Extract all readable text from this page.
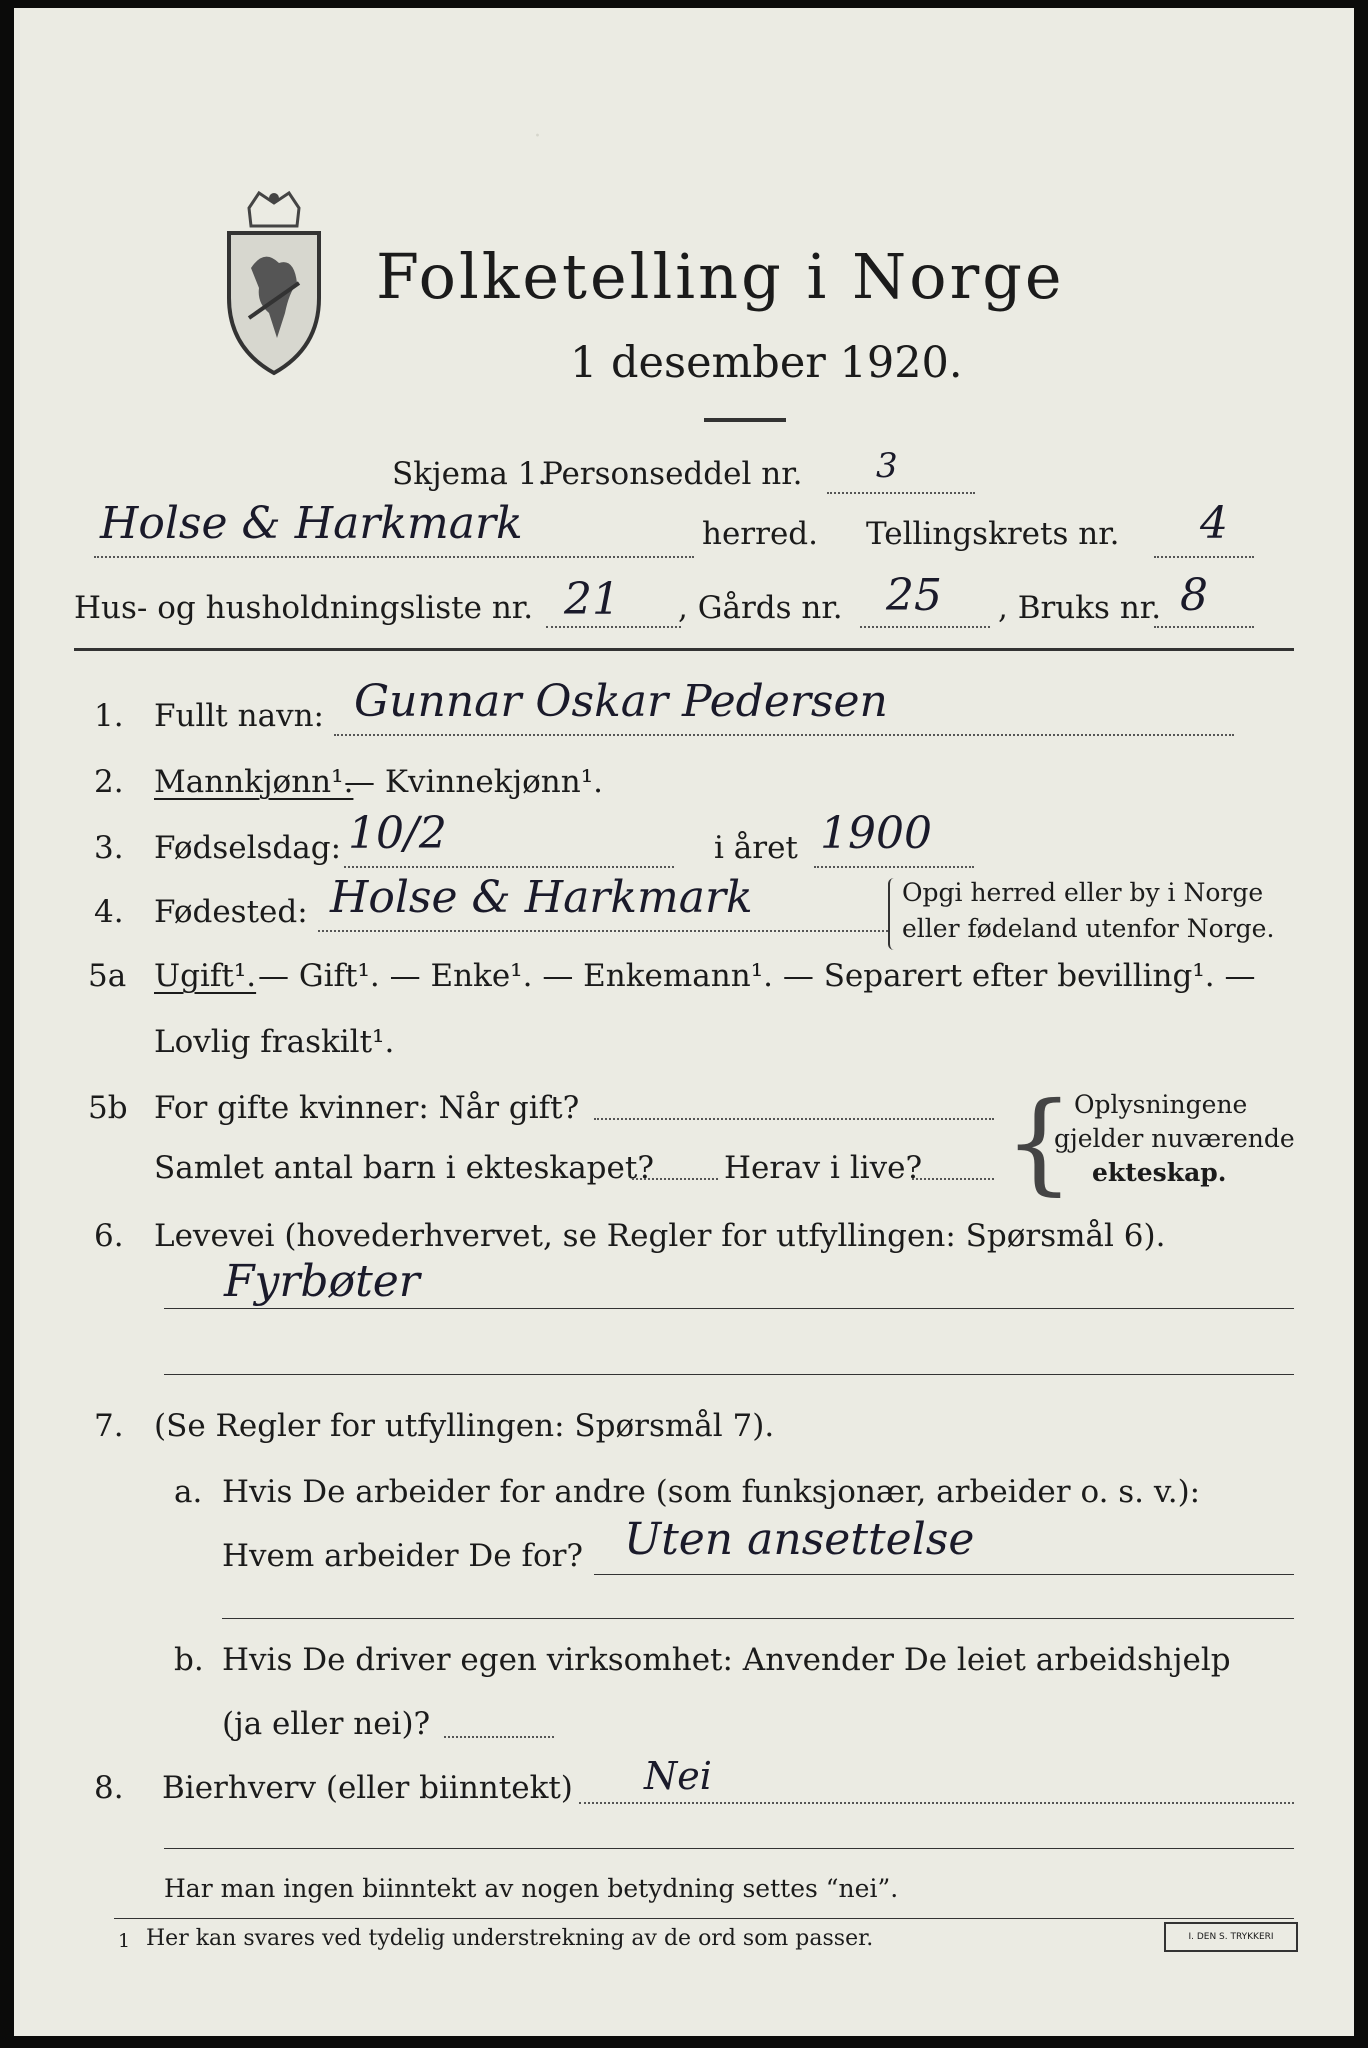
·
Folketelling i Norge
1 desember 1920.
Skjema 1.
Personseddel nr. 3
Holse & Harkmark	herred. Tellingskrets nr. 4
Hus- og husholdningsliste nr. 21 , Gårds nr. 25 , Bruks nr. 8
1. Fullt navn: Gunnar Oskar Pedersen
2. Mannkjønn¹.
— Kvinnekjønn¹.
3. Fødselsdag: 10/2	i året 1900
4. Fødested: Holse & Harkmark	Opgi herred eller by i Norge
eller fødeland utenfor Norge.
5a Ugift¹. — Gift¹. — Enke¹. — Enkemann¹. — Separert efter bevilling¹. —
Lovlig fraskilt¹.
5b For gifte kvinner: Når gift?
Samlet antal barn i ekteskapet? Herav i live? { Oplysningene
gjelder nuværende
ekteskap.
6. Levevei (hovederhvervet, se Regler for utfyllingen: Spørsmål 6).
Fyrbøter
7. (Se Regler for utfyllingen: Spørsmål 7).
a. Hvis De arbeider for andre (som funksjonær, arbeider o. s. v.):
Hvem arbeider De for? Uten ansettelse
b. Hvis De driver egen virksomhet: Anvender De leiet arbeidshjelp
(ja eller nei)?
8. Bierhverv (eller biinntekt) Nei
Har man ingen biinntekt av nogen betydning settes “nei”.
1 Her kan svares ved tydelig understrekning av de ord som passer.	I. DEN S. TRYKKERI
